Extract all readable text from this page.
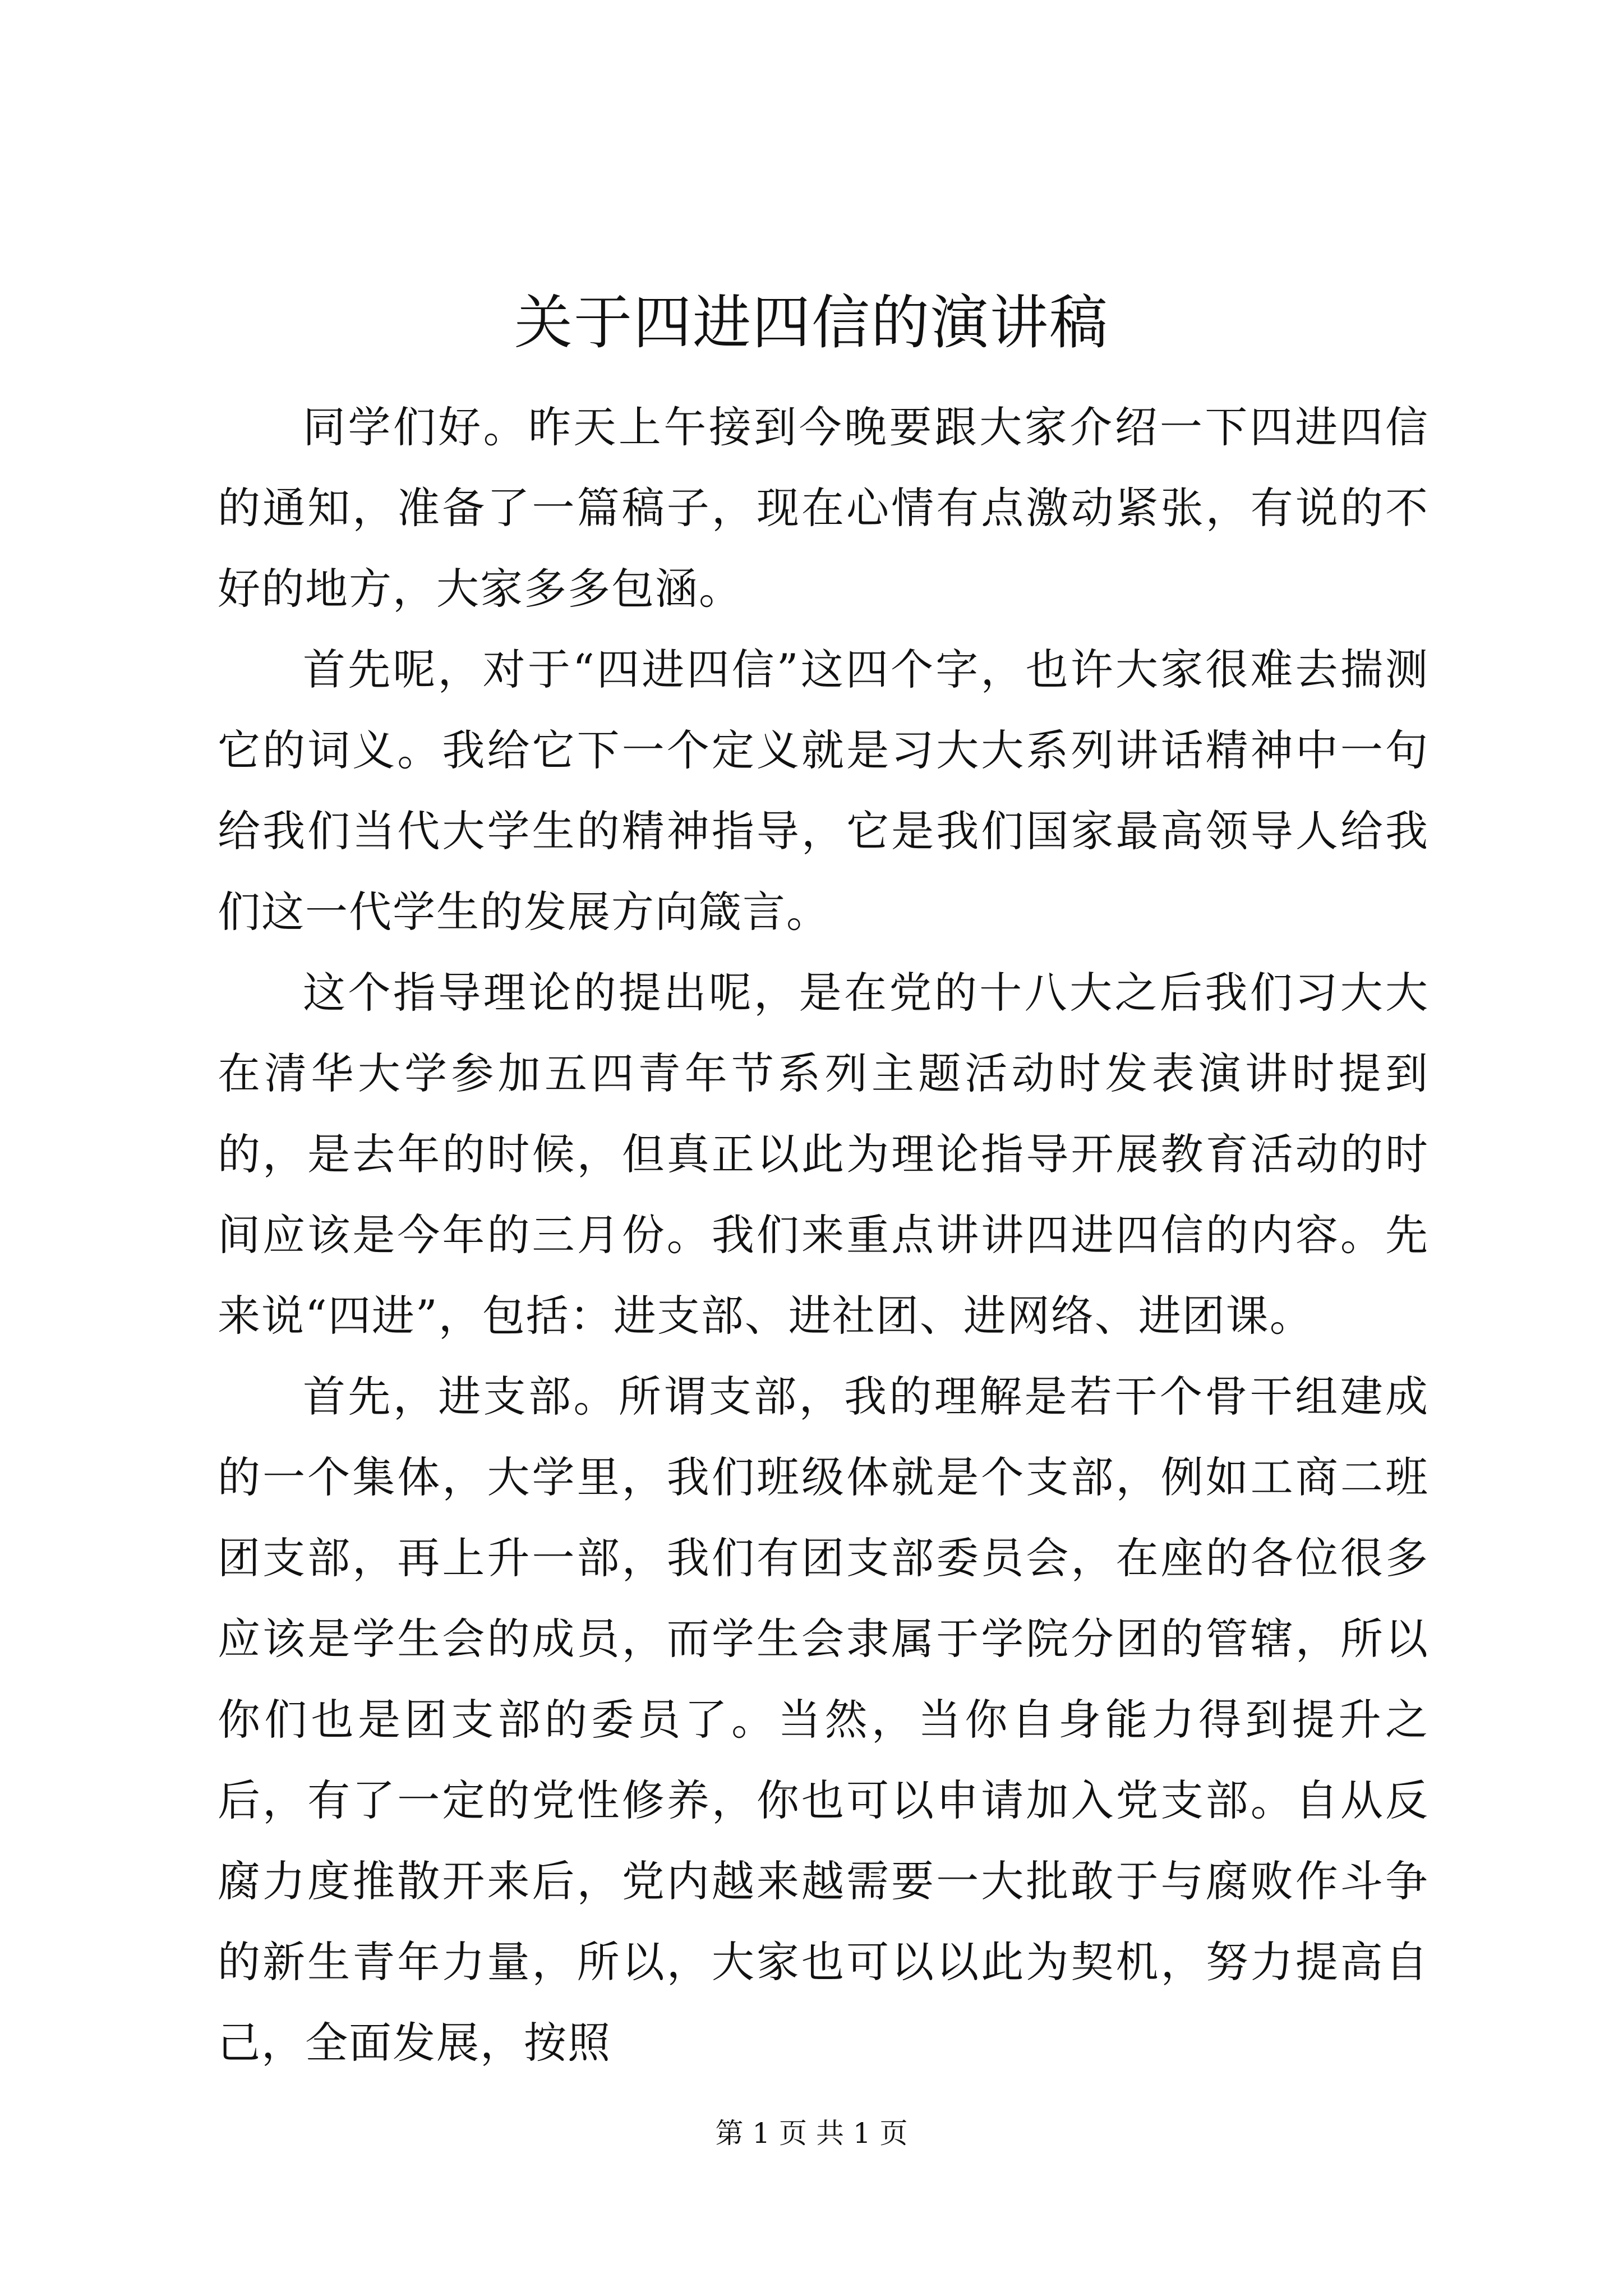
关于四进四信的演讲稿

同学们好。昨天上午接到今晚要跟大家介绍一下四进四信的通知，准备了一篇稿子，现在心情有点激动紧张，有说的不好的地方，大家多多包涵。

首先呢，对于“四进四信”这四个字，也许大家很难去揣测它的词义。我给它下一个定义就是习大大系列讲话精神中一句给我们当代大学生的精神指导，它是我们国家最高领导人给我们这一代学生的发展方向箴言。

这个指导理论的提出呢，是在党的十八大之后我们习大大在清华大学参加五四青年节系列主题活动时发表演讲时提到的，是去年的时候，但真正以此为理论指导开展教育活动的时间应该是今年的三月份。我们来重点讲讲四进四信的内容。先来说“四进”，包括：进支部、进社团、进网络、进团课。

首先，进支部。所谓支部，我的理解是若干个骨干组建成的一个集体，大学里，我们班级体就是个支部，例如工商二班团支部，再上升一部，我们有团支部委员会，在座的各位很多应该是学生会的成员，而学生会隶属于学院分团的管辖，所以你们也是团支部的委员了。当然，当你自身能力得到提升之后，有了一定的党性修养，你也可以申请加入党支部。自从反腐力度推散开来后，党内越来越需要一大批敢于与腐败作斗争的新生青年力量，所以，大家也可以以此为契机，努力提高自己，全面发展，按照

第 1 页 共 1 页
